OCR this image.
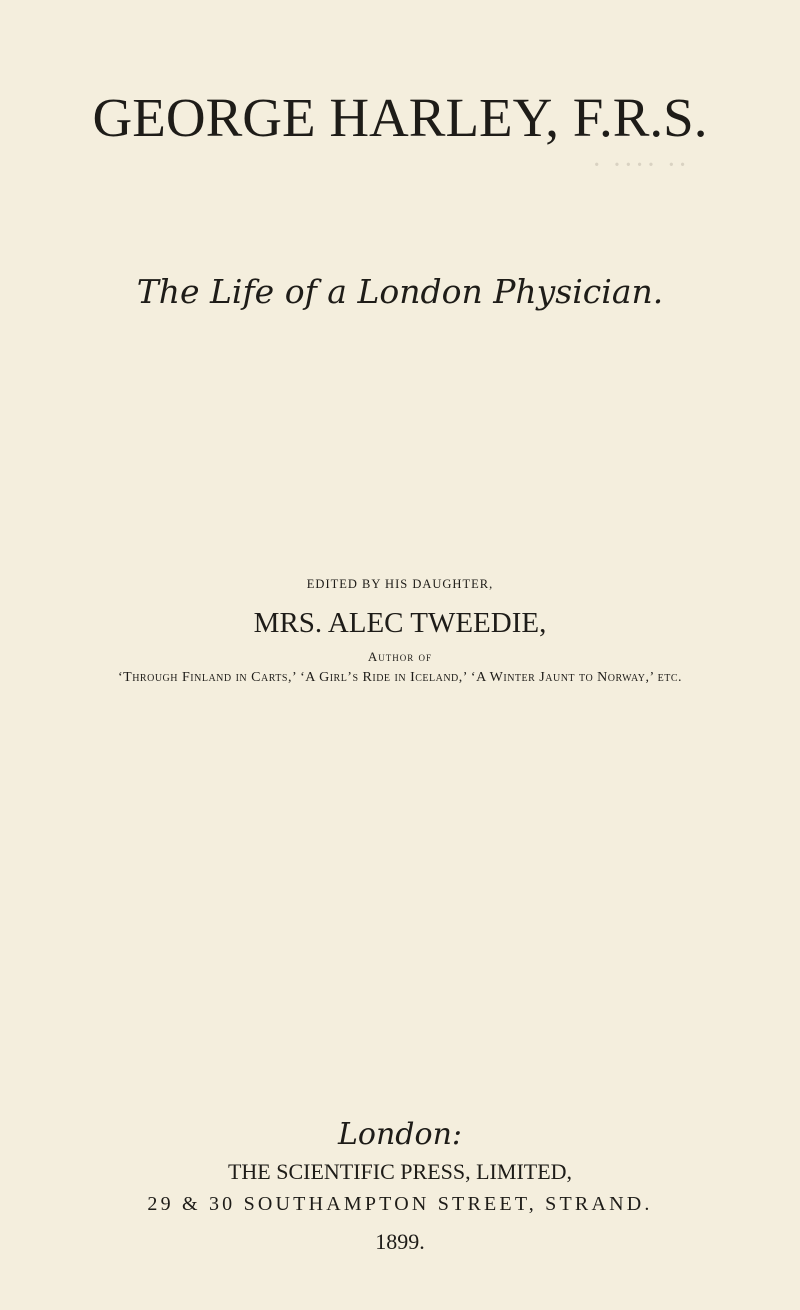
·· ···· ·
GEORGE HARLEY, F.R.S.
The Life of a London Physician.
EDITED BY HIS DAUGHTER,
MRS. ALEC TWEEDIE,
Author of
‘Through Finland in Carts,’ ‘A Girl’s Ride in Iceland,’ ‘A Winter Jaunt to Norway,’ etc.
London:
THE SCIENTIFIC PRESS, LIMITED,
29 & 30 SOUTHAMPTON STREET, STRAND.
1899.
